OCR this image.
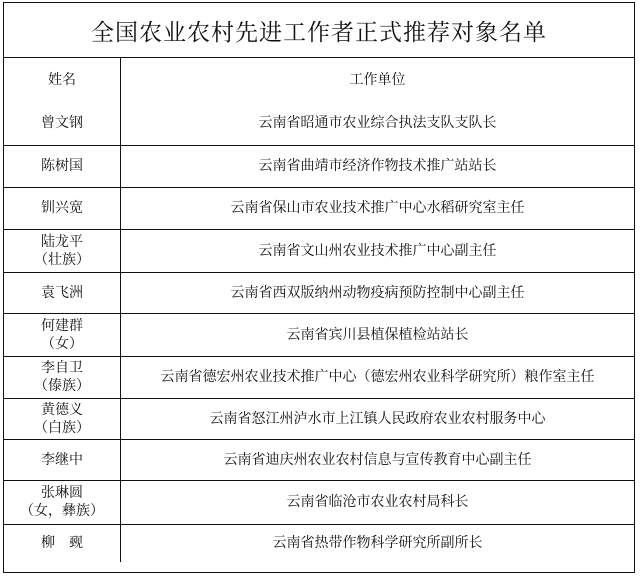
全国农业农村先进工作者正式推荐对象名单
姓名	工作单位

曾文钢	云南省昭通市农业综合执法支队支队长

陈树国	云南省曲靖市经济作物技术推广站站长

钏兴宽	云南省保山市农业技术推广中心水稻研究室主任

陆龙平
（壮族）	云南省文山州农业技术推广中心副主任

袁飞洲	云南省西双版纳州动物疫病预防控制中心副主任

何建群
（女）	云南省宾川县植保植检站站长

李自卫
（傣族）	云南省德宏州农业技术推广中心（德宏州农业科学研究所）粮作室主任

黄德义
（白族）	云南省怒江州泸水市上江镇人民政府农业农村服务中心

李继中	云南省迪庆州农业农村信息与宣传教育中心副主任

张琳圆
（女，彝族）	云南省临沧市农业农村局科长

柳　觋	云南省热带作物科学研究所副所长
